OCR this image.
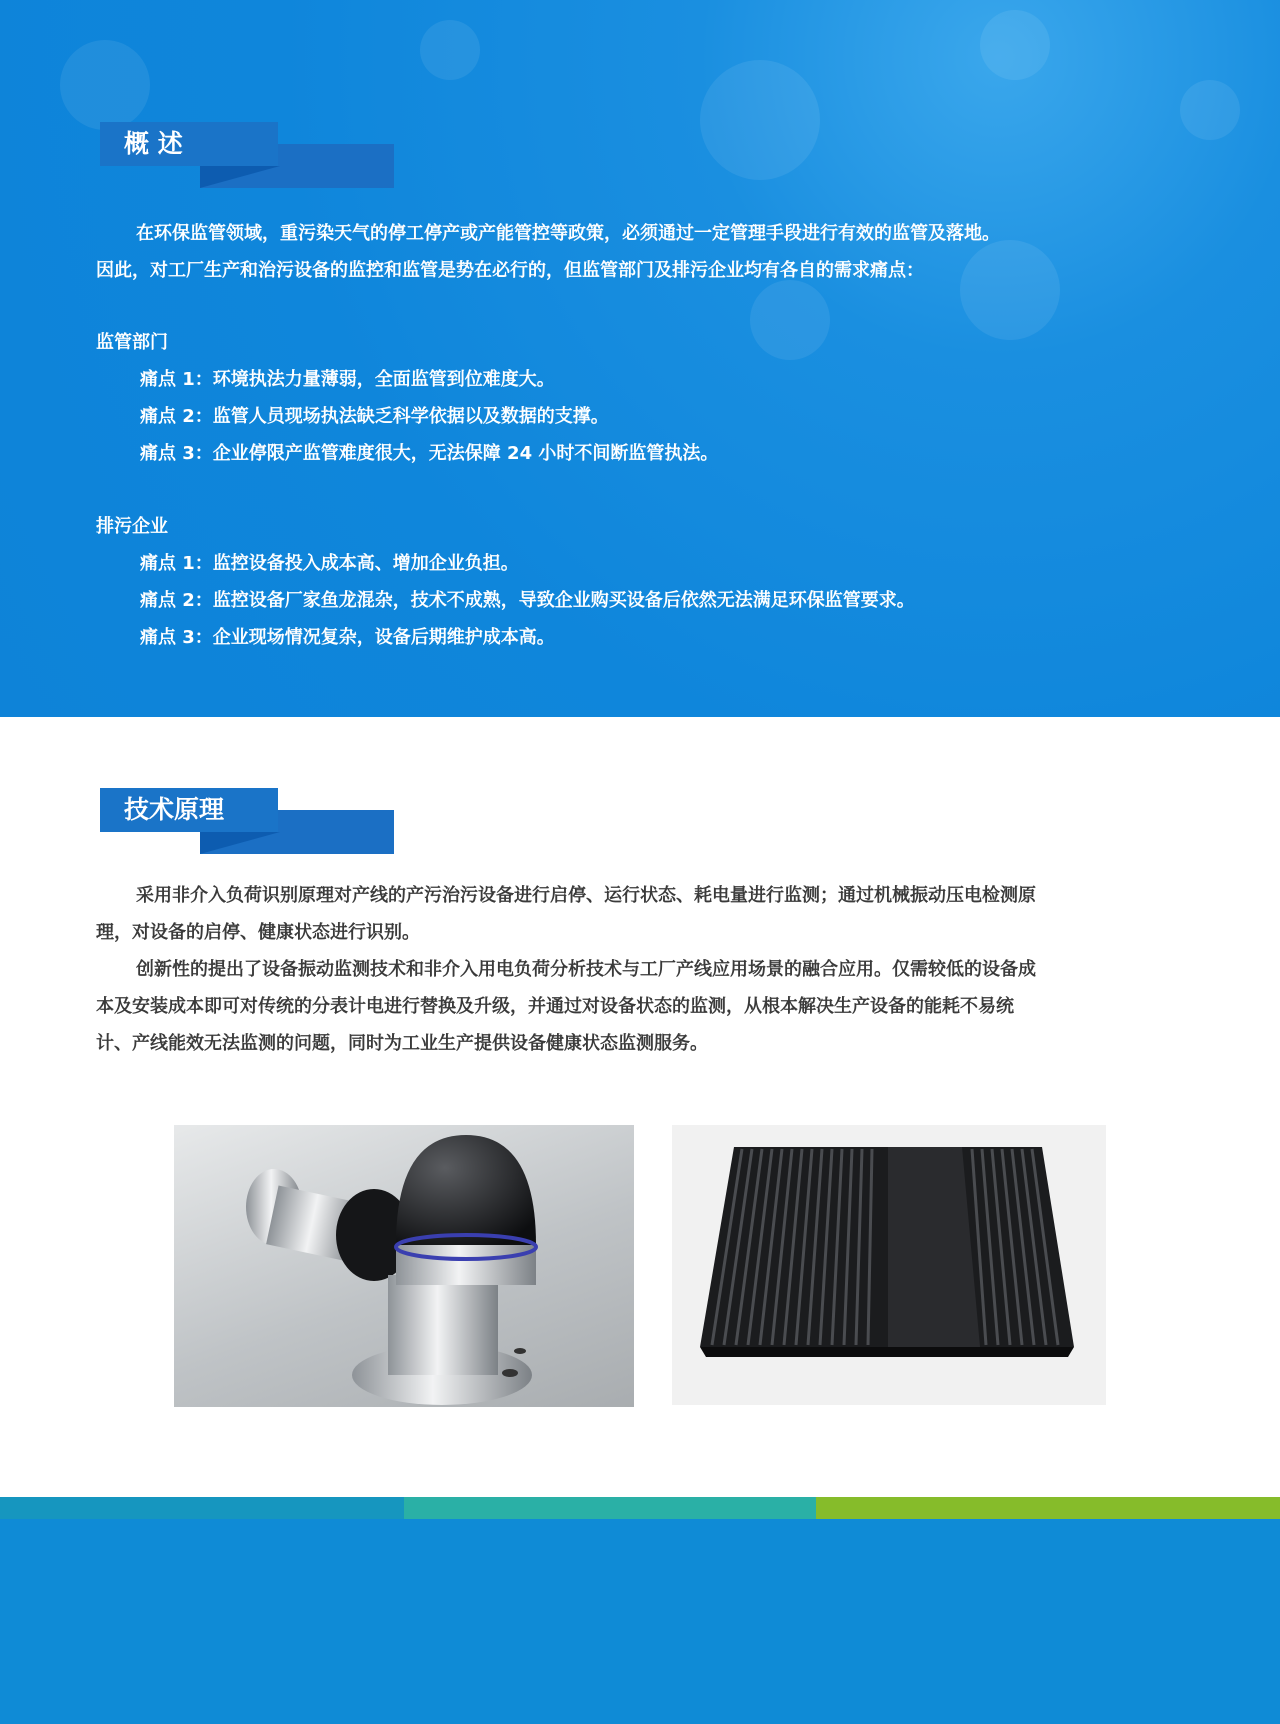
概 述

在环保监管领域，重污染天气的停工停产或产能管控等政策，必须通过一定管理手段进行有效的监管及落地。

因此，对工厂生产和治污设备的监控和监管是势在必行的，但监管部门及排污企业均有各自的需求痛点：

监管部门

痛点 1：环境执法力量薄弱，全面监管到位难度大。

痛点 2：监管人员现场执法缺乏科学依据以及数据的支撑。

痛点 3：企业停限产监管难度很大，无法保障 24 小时不间断监管执法。

排污企业

痛点 1：监控设备投入成本高、增加企业负担。

痛点 2：监控设备厂家鱼龙混杂，技术不成熟，导致企业购买设备后依然无法满足环保监管要求。

痛点 3：企业现场情况复杂，设备后期维护成本高。

技术原理

采用非介入负荷识别原理对产线的产污治污设备进行启停、运行状态、耗电量进行监测；通过机械振动压电检测原

理，对设备的启停、健康状态进行识别。

创新性的提出了设备振动监测技术和非介入用电负荷分析技术与工厂产线应用场景的融合应用。仅需较低的设备成

本及安装成本即可对传统的分表计电进行替换及升级，并通过对设备状态的监测，从根本解决生产设备的能耗不易统

计、产线能效无法监测的问题，同时为工业生产提供设备健康状态监测服务。
